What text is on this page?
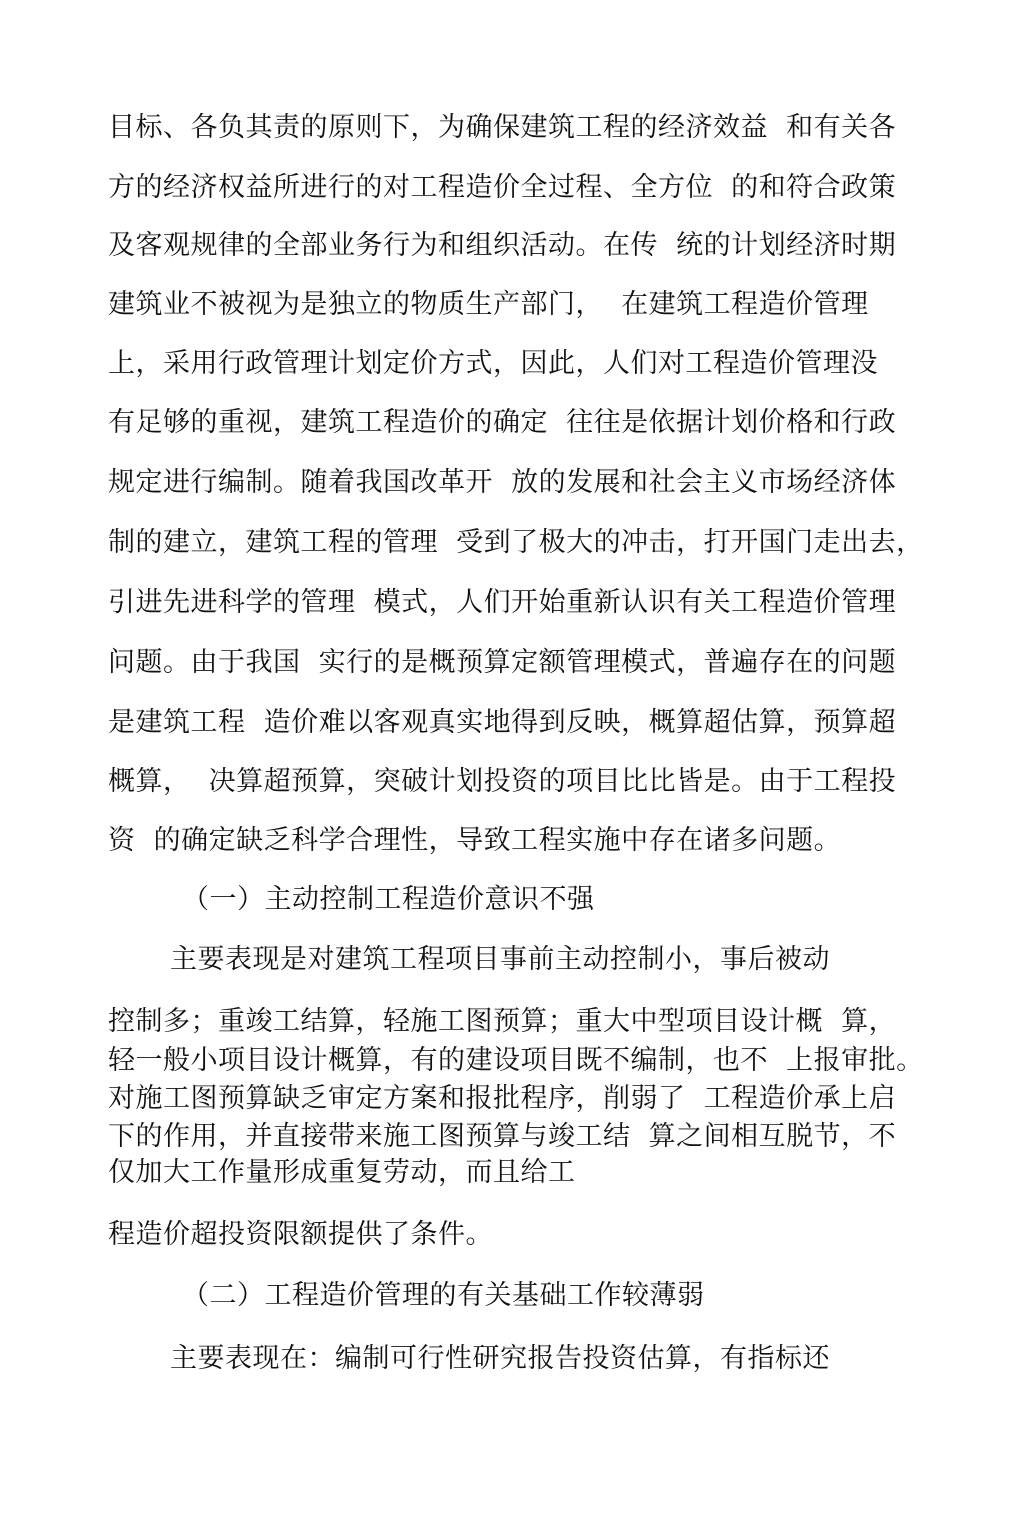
目标、各负其责的原则下，为确保建筑工程的经济效益  和有关各
方的经济权益所进行的对工程造价全过程、全方位  的和符合政策
及客观规律的全部业务行为和组织活动。在传  统的计划经济时期
建筑业不被视为是独立的物质生产部门，  在建筑工程造价管理
上，采用行政管理计划定价方式，因此，人们对工程造价管理没
有足够的重视，建筑工程造价的确定  往往是依据计划价格和行政
规定进行编制。随着我国改革开  放的发展和社会主义市场经济体
制的建立，建筑工程的管理  受到了极大的冲击，打开国门走出去，
引进先进科学的管理  模式，人们开始重新认识有关工程造价管理
问题。由于我国  实行的是概预算定额管理模式，普遍存在的问题
是建筑工程  造价难以客观真实地得到反映，概算超估算，预算超
概算，  决算超预算，突破计划投资的项目比比皆是。由于工程投
资  的确定缺乏科学合理性，导致工程实施中存在诸多问题。
（一）主动控制工程造价意识不强
主要表现是对建筑工程项目事前主动控制小，事后被动
控制多；重竣工结算，轻施工图预算；重大中型项目设计概  算，
轻一般小项目设计概算，有的建设项目既不编制，也不  上报审批。
对施工图预算缺乏审定方案和报批程序，削弱了  工程造价承上启
下的作用，并直接带来施工图预算与竣工结  算之间相互脱节，不
仅加大工作量形成重复劳动，而且给工
程造价超投资限额提供了条件。
（二）工程造价管理的有关基础工作较薄弱
主要表现在：编制可行性研究报告投资估算，有指标还
